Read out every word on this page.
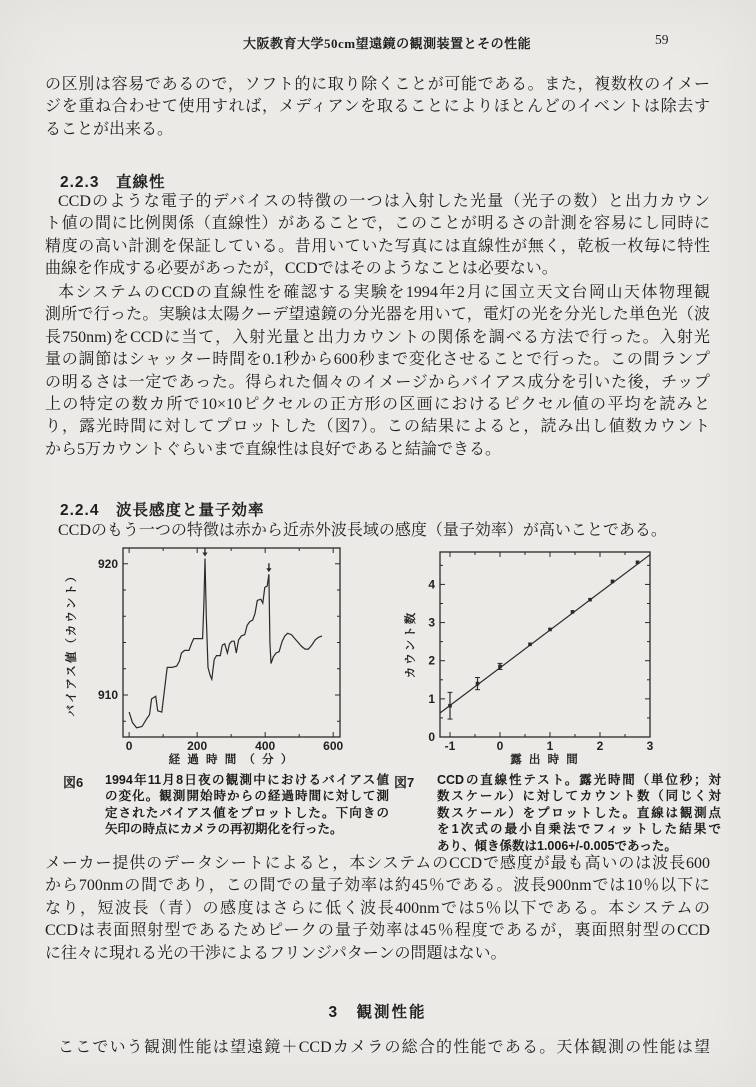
大阪教育大学50cm望遠鏡の観測装置とその性能	59
の区別は容易であるので，ソフト的に取り除くことが可能である。また，複数枚のイメー
ジを重ね合わせて使用すれば，メディアンを取ることによりほとんどのイベントは除去す
ることが出来る。
2.2.3　直線性
CCDのような電子的デバイスの特徴の一つは入射した光量（光子の数）と出力カウン
ト値の間に比例関係（直線性）があることで，このことが明るさの計測を容易にし同時に
精度の高い計測を保証している。昔用いていた写真には直線性が無く，乾板一枚毎に特性
曲線を作成する必要があったが，CCDではそのようなことは必要ない。
本システムのCCDの直線性を確認する実験を1994年2月に国立天文台岡山天体物理観
測所で行った。実験は太陽クーデ望遠鏡の分光器を用いて，電灯の光を分光した単色光（波
長750nm)をCCDに当て，入射光量と出力カウントの関係を調べる方法で行った。入射光
量の調節はシャッター時間を0.1秒から600秒まで変化させることで行った。この間ランプ
の明るさは一定であった。得られた個々のイメージからバイアス成分を引いた後，チップ
上の特定の数カ所で10×10ピクセルの正方形の区画におけるピクセル値の平均を読みと
り，露光時間に対してプロットした（図7）。この結果によると，読み出し値数カウント
から5万カウントぐらいまで直線性は良好であると結論できる。
2.2.4　波長感度と量子効率
CCDのもう一つの特徴は赤から近赤外波長域の感度（量子効率）が高いことである。
0	200	400	600
910
920
経 過 時 間 （ 分 ）
バイアス値（カウント）
-1	0	1	2	3
0
1
2
3
4
露 出 時 間
カウント数
図6 1994年11月8日夜の観測中におけるバイアス値
の変化。観測開始時からの経過時間に対して測
定されたバイアス値をプロットした。下向きの
矢印の時点にカメラの再初期化を行った。
図7 CCDの直線性テスト。露光時間（単位秒；対
数スケール）に対してカウント数（同じく対
数スケール）をプロットした。直線は観測点
を1次式の最小自乗法でフィットした結果で
あり、傾き係数は1.006+/-0.005であった。
メーカー提供のデータシートによると，本システムのCCDで感度が最も高いのは波長600
から700nmの間であり，この間での量子効率は約45％である。波長900nmでは10％以下に
なり，短波長（青）の感度はさらに低く波長400nmでは5％以下である。本システムの
CCDは表面照射型であるためピークの量子効率は45％程度であるが，裏面照射型のCCD
に往々に現れる光の干渉によるフリンジパターンの問題はない。
3　観測性能
ここでいう観測性能は望遠鏡＋CCDカメラの総合的性能である。天体観測の性能は望
